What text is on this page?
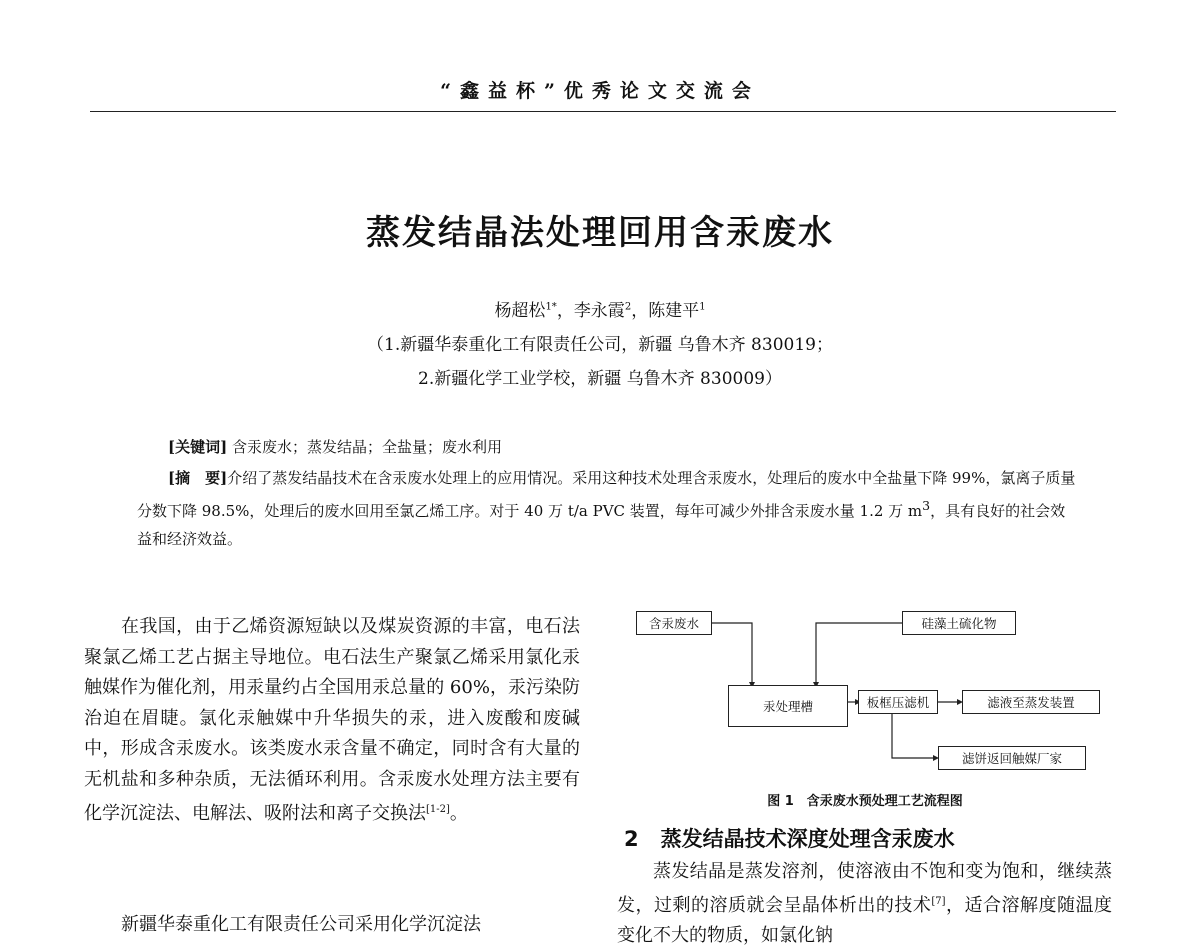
“鑫益杯”优秀论文交流会
蒸发结晶法处理回用含汞废水
杨超松$^{1*}$，李永霞$^2$，陈建平$^1$
（1.新疆华泰重化工有限责任公司，新疆 乌鲁木齐 830019；
2.新疆化学工业学校，新疆 乌鲁木齐 830009）
[关键词] 含汞废水；蒸发结晶；全盐量；废水利用
[摘　要]介绍了蒸发结晶技术在含汞废水处理上的应用情况。采用这种技术处理含汞废水，处理后的废水中全盐量下降 99%，氯离子质量分数下降 98.5%，处理后的废水回用至氯乙烯工序。对于 40 万 t/a PVC 装置，每年可减少外排含汞废水量 1.2 万 $m^3$，具有良好的社会效益和经济效益。

在我国，由于乙烯资源短缺以及煤炭资源的丰富，电石法聚氯乙烯工艺占据主导地位。电石法生产聚氯乙烯采用氯化汞触媒作为催化剂，用汞量约占全国用汞总量的 60%，汞污染防治迫在眉睫。氯化汞触媒中升华损失的汞，进入废酸和废碱中，形成含汞废水。该类废水汞含量不确定，同时含有大量的无机盐和多种杂质，无法循环利用。含汞废水处理方法主要有化学沉淀法、电解法、吸附法和离子交换法[1-2]。

新疆华泰重化工有限责任公司采用化学沉淀法
含汞废水	硅藻土硫化物
汞处理槽	板框压滤机	滤液至蒸发装置
滤饼返回触媒厂家
图 1　含汞废水预处理工艺流程图
2 蒸发结晶技术深度处理含汞废水
蒸发结晶是蒸发溶剂，使溶液由不饱和变为饱和，继续蒸发，过剩的溶质就会呈晶体析出的技术[7]，适合溶解度随温度变化不大的物质，如氯化钠
